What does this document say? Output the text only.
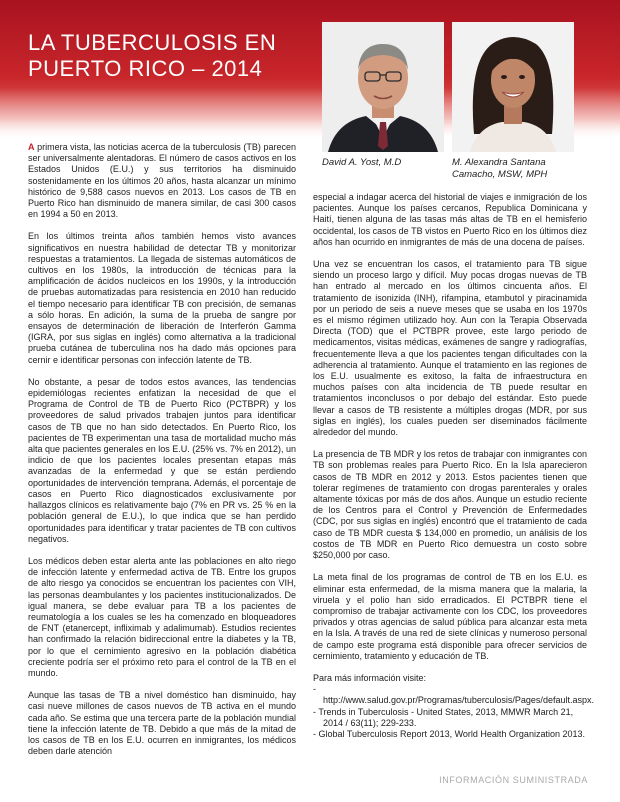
LA TUBERCULOSIS EN
PUERTO RICO – 2014
David A. Yost, M.D	M. Alexandra Santana
Camacho, MSW, MPH

A primera vista, las noticias acerca de la tuberculosis (TB) parecen ser universalmente alentadoras. El número de casos activos en los Estados Unidos (E.U.) y sus territorios ha disminuido sostenidamente en los últimos 20 años, hasta alcanzar un mínimo histórico de 9,588 casos nuevos en 2013. Los casos de TB en Puerto Rico han disminuido de manera similar, de casi 300 casos en 1994 a 50 en 2013.

En los últimos treinta años también hemos visto avances significativos en nuestra habilidad de detectar TB y monitorizar respuestas a tratamientos. La llegada de sistemas automáticos de cultivos en los 1980s, la introducción de técnicas para la amplificación de ácidos nucleicos en los 1990s, y la introducción de pruebas automatizadas para resistencia en 2010 han reducido el tiempo necesario para identificar TB con precisión, de semanas a sólo horas. En adición, la suma de la prueba de sangre por ensayos de determinación de liberación de Interferón Gamma (IGRA, por sus siglas en inglés) como alternativa a la tradicional prueba cutánea de tuberculina nos ha dado más opciones para cernir e identificar personas con infección latente de TB.

No obstante, a pesar de todos estos avances, las tendencias epidemiólogas recientes enfatizan la necesidad de que el Programa de Control de TB de Puerto Rico (PCTBPR) y los proveedores de salud privados trabajen juntos para identificar casos de TB que no han sido detectados. En Puerto Rico, los pacientes de TB experimentan una tasa de mortalidad mucho más alta que pacientes generales en los E.U. (25% vs. 7% en 2012), un indicio de que los pacientes locales presentan etapas más avanzadas de la enfermedad y que se están perdiendo oportunidades de intervención temprana. Además, el porcentaje de casos en Puerto Rico diagnosticados exclusivamente por hallazgos clínicos es relativamente bajo (7% en PR vs. 25 % en la población general de E.U.), lo que indica que se han perdido oportunidades para identificar y tratar pacientes de TB con cultivos negativos.

Los médicos deben estar alerta ante las poblaciones en alto riego de infección latente y enfermedad activa de TB. Entre los grupos de alto riesgo ya conocidos se encuentran los pacientes con VIH, las personas deambulantes y los pacientes institucionalizados. De igual manera, se debe evaluar para TB a los pacientes de reumatología a los cuales se les ha comenzado en bloqueadores de FNT (etanercept, infliximab y adalimumab). Estudios recientes han confirmado la relación bidireccional entre la diabetes y la TB, por lo que el cernimiento agresivo en la población diabética creciente podría ser el próximo reto para el control de la TB en el mundo.

Aunque las tasas de TB a nivel doméstico han disminuido, hay casi nueve millones de casos nuevos de TB activa en el mundo cada año. Se estima que una tercera parte de la población mundial tiene la infección latente de TB. Debido a que más de la mitad de los casos de TB en los E.U. ocurren en inmigrantes, los médicos deben darle atención

especial a indagar acerca del historial de viajes e inmigración de los pacientes. Aunque los países cercanos, Republica Dominicana y Haití, tienen alguna de las tasas más altas de TB en el hemisferio occidental, los casos de TB vistos en Puerto Rico en los últimos diez años han ocurrido en inmigrantes de más de una docena de países.

Una vez se encuentran los casos, el tratamiento para TB sigue siendo un proceso largo y difícil. Muy pocas drogas nuevas de TB han entrado al mercado en los últimos cincuenta años. El tratamiento de isonizida (INH), rifampina, etambutol y piracinamida por un periodo de seis a nueve meses que se usaba en los 1970s es el mismo régimen utilizado hoy. Aun con la Terapia Observada Directa (TOD) que el PCTBPR provee, este largo periodo de medicamentos, visitas médicas, exámenes de sangre y radiografías, frecuentemente lleva a que los pacientes tengan dificultades con la adherencia al tratamiento. Aunque el tratamiento en las regiones de los E.U. usualmente es exitoso, la falta de infraestructura en muchos países con alta incidencia de TB puede resultar en tratamientos inconclusos o por debajo del estándar. Esto puede llevar a casos de TB resistente a múltiples drogas (MDR, por sus siglas en inglés), los cuales pueden ser diseminados fácilmente alrededor del mundo.

La presencia de TB MDR y los retos de trabajar con inmigrantes con TB son problemas reales para Puerto Rico. En la Isla aparecieron casos de TB MDR en 2012 y 2013. Estos pacientes tienen que tolerar regímenes de tratamiento con drogas parenterales y orales altamente tóxicas por más de dos años. Aunque un estudio reciente de los Centros para el Control y Prevención de Enfermedades (CDC, por sus siglas en inglés) encontró que el tratamiento de cada caso de TB MDR cuesta $ 134,000 en promedio, un análisis de los costos de TB MDR en Puerto Rico demuestra un costo sobre $250,000 por caso.

La meta final de los programas de control de TB en los E.U. es eliminar esta enfermedad, de la misma manera que la malaria, la viruela y el polio han sido erradicados. El PCTBPR tiene el compromiso de trabajar activamente con los CDC, los proveedores privados y otras agencias de salud pública para alcanzar esta meta en la Isla. A través de una red de siete clínicas y numeroso personal de campo este programa está disponible para ofrecer servicios de cernimiento, tratamiento y educación de TB.

Para más información visite:

- http://www.salud.gov.pr/Programas/tuberculosis/Pages/default.aspx.
- Trends in Tuberculosis - United States, 2013, MMWR March 21, 2014 / 63(11); 229-233.
- Global Tuberculosis Report 2013, World Health Organization 2013.
INFORMACIÓN SUMINISTRADA
